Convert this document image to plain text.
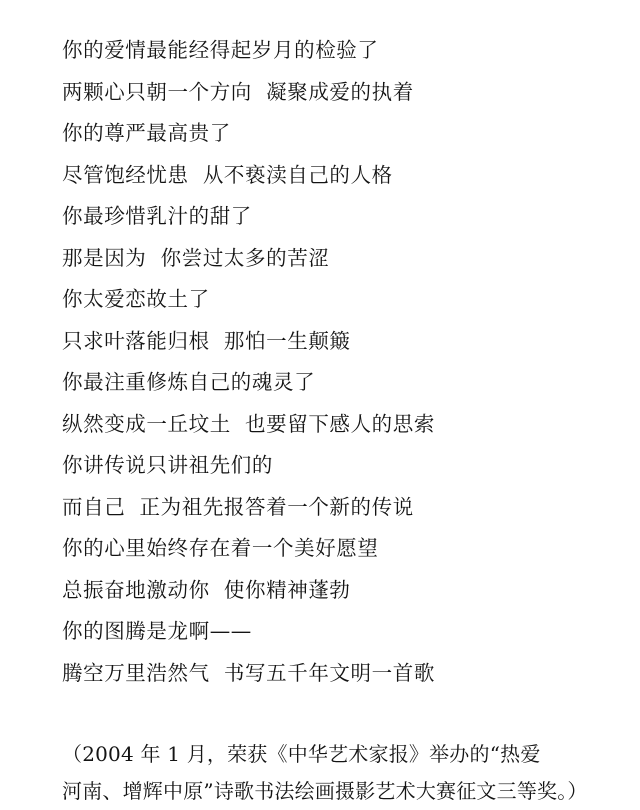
你的爱情最能经得起岁月的检验了
两颗心只朝一个方向  凝聚成爱的执着
你的尊严最高贵了
尽管饱经忧患  从不亵渎自己的人格
你最珍惜乳汁的甜了
那是因为  你尝过太多的苦涩
你太爱恋故土了
只求叶落能归根  那怕一生颠簸
你最注重修炼自己的魂灵了
纵然变成一丘坟土  也要留下感人的思索
你讲传说只讲祖先们的
而自己  正为祖先报答着一个新的传说
你的心里始终存在着一个美好愿望
总振奋地激动你  使你精神蓬勃
你的图腾是龙啊——
腾空万里浩然气  书写五千年文明一首歌
（2004 年 1 月，荣获《中华艺术家报》举办的“热爱
河南、增辉中原”诗歌书法绘画摄影艺术大赛征文三等奖。）
